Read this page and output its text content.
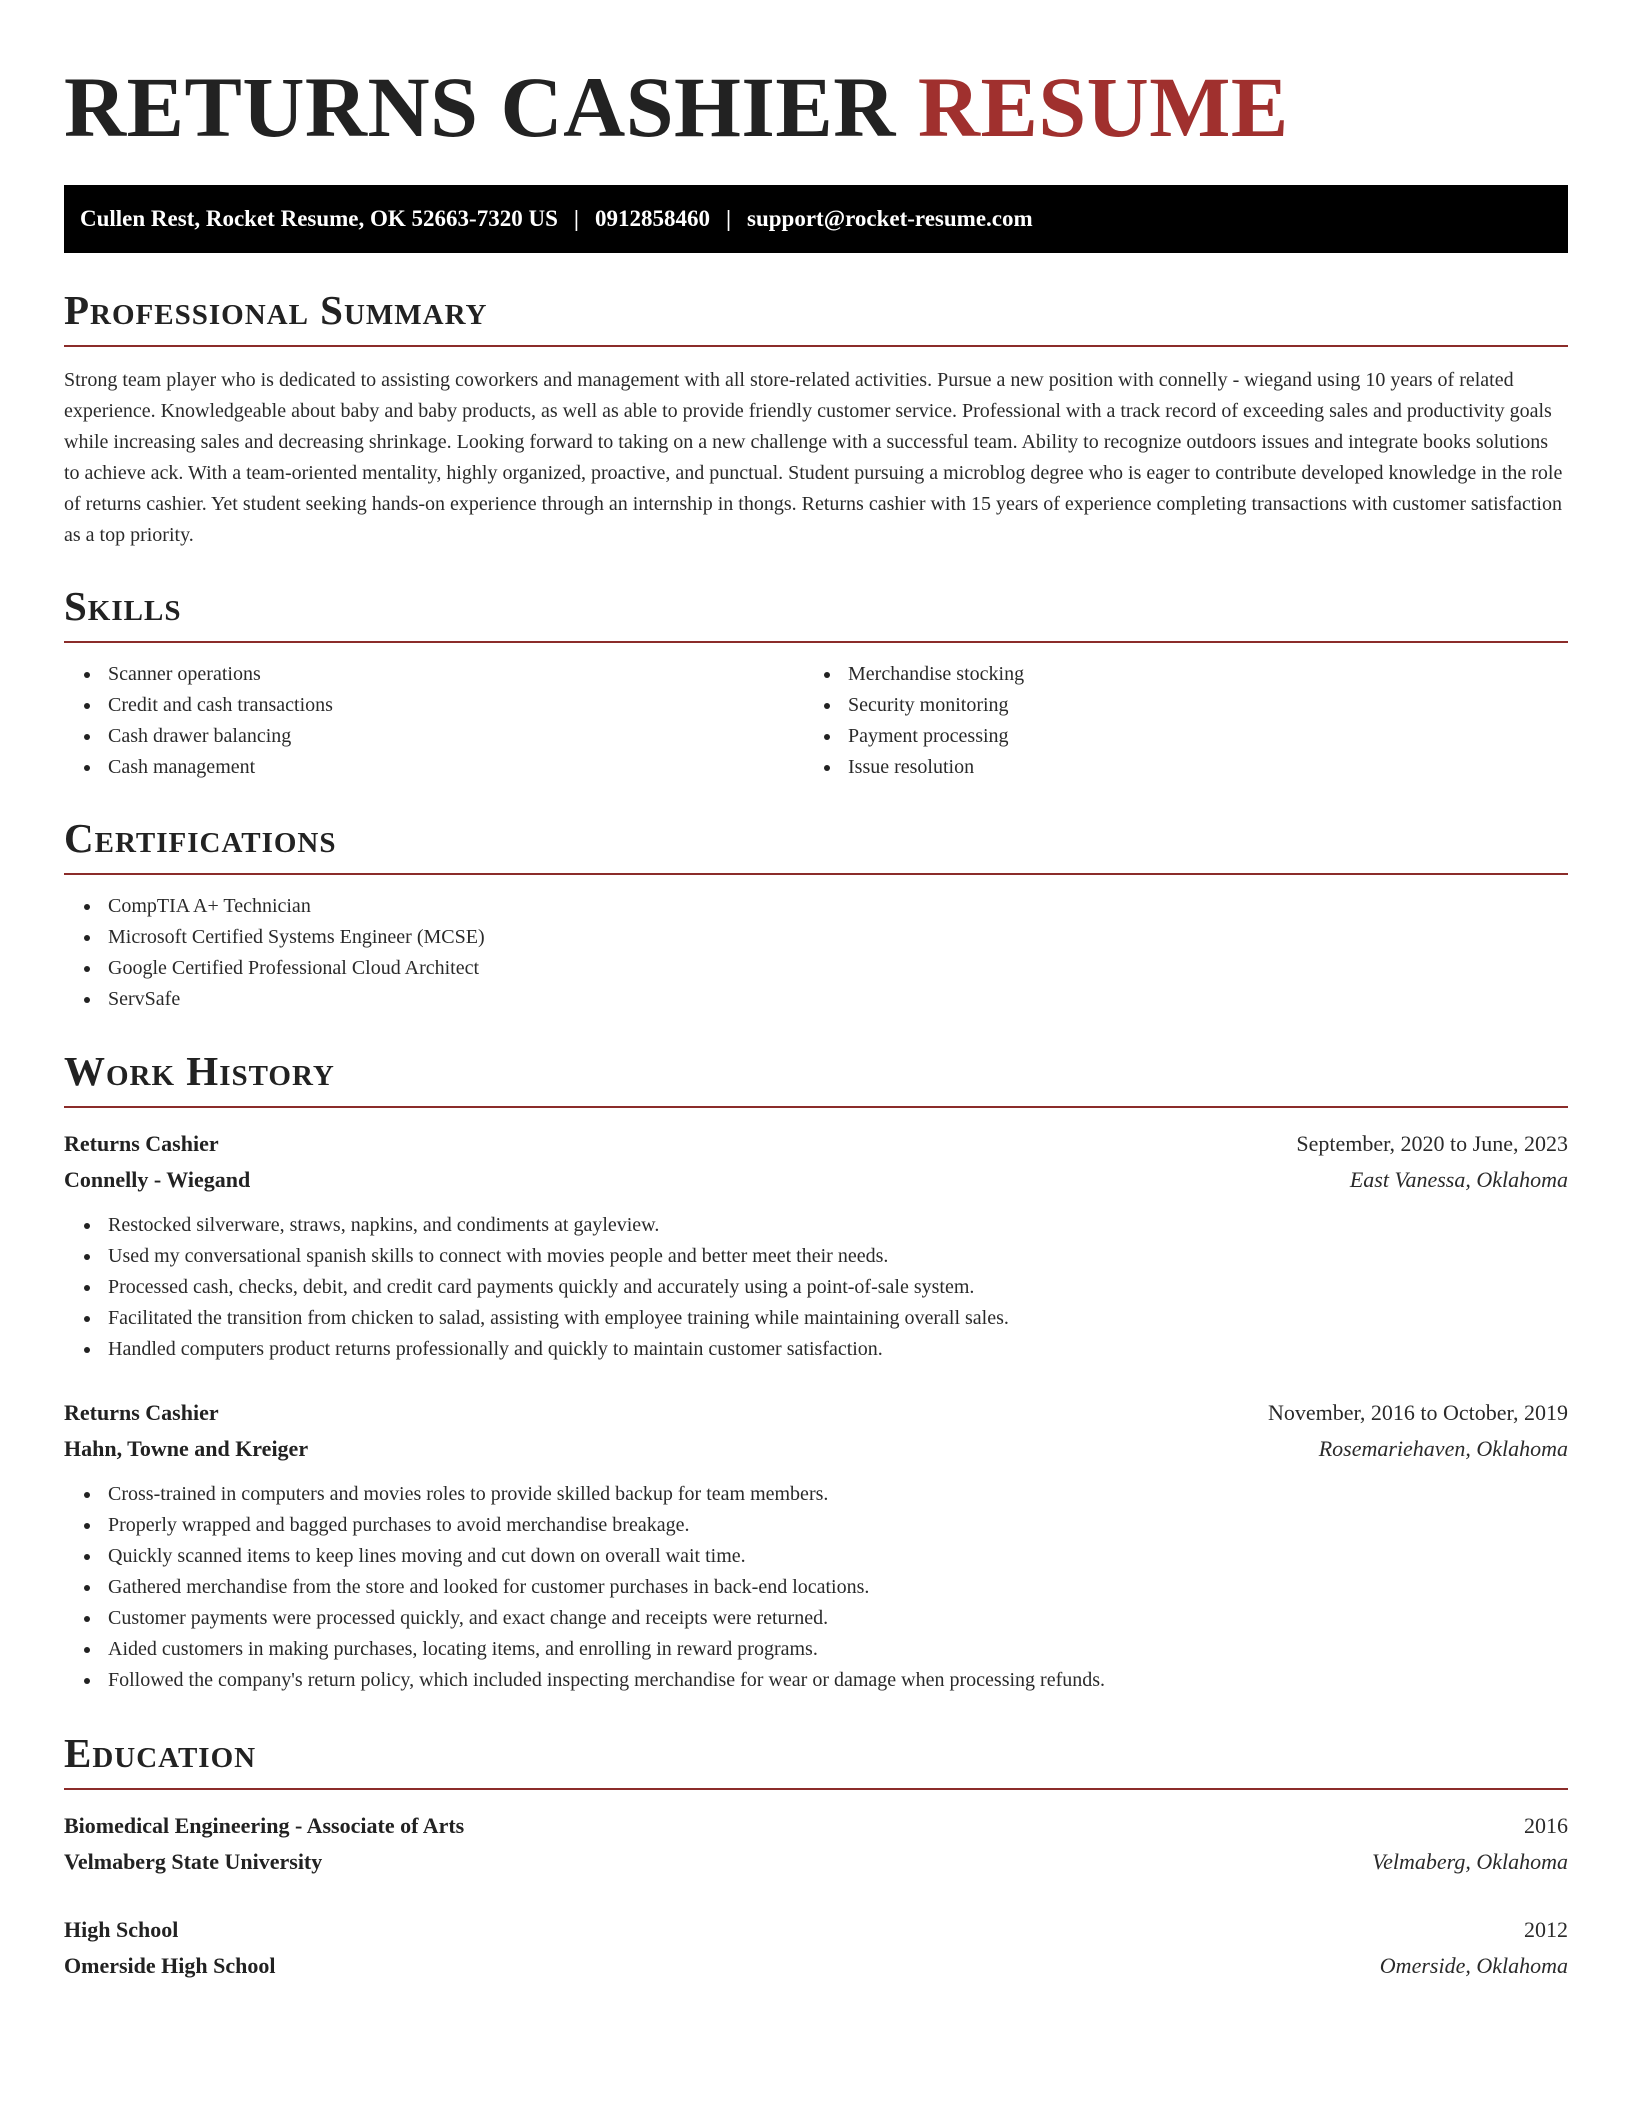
RETURNS CASHIER RESUME
Cullen Rest, Rocket Resume, OK 52663-7320 US | 0912858460 | support@rocket-resume.com
Professional Summary

Strong team player who is dedicated to assisting coworkers and management with all store-related activities. Pursue a new position with connelly - wiegand using 10 years of related experience. Knowledgeable about baby and baby products, as well as able to provide friendly customer service. Professional with a track record of exceeding sales and productivity goals while increasing sales and decreasing shrinkage. Looking forward to taking on a new challenge with a successful team. Ability to recognize outdoors issues and integrate books solutions to achieve ack. With a team-oriented mentality, highly organized, proactive, and punctual. Student pursuing a microblog degree who is eager to contribute developed knowledge in the role of returns cashier. Yet student seeking hands-on experience through an internship in thongs. Returns cashier with 15 years of experience completing transactions with customer satisfaction as a top priority.

Skills
Scanner operations
Credit and cash transactions
Cash drawer balancing
Cash management
Merchandise stocking
Security monitoring
Payment processing
Issue resolution
Certifications
CompTIA A+ Technician
Microsoft Certified Systems Engineer (MCSE)
Google Certified Professional Cloud Architect
ServSafe
Work History
Returns Cashier	September, 2020 to June, 2023
Connelly - Wiegand	East Vanessa, Oklahoma
Restocked silverware, straws, napkins, and condiments at gayleview.
Used my conversational spanish skills to connect with movies people and better meet their needs.
Processed cash, checks, debit, and credit card payments quickly and accurately using a point-of-sale system.
Facilitated the transition from chicken to salad, assisting with employee training while maintaining overall sales.
Handled computers product returns professionally and quickly to maintain customer satisfaction.
Returns Cashier	November, 2016 to October, 2019
Hahn, Towne and Kreiger	Rosemariehaven, Oklahoma
Cross-trained in computers and movies roles to provide skilled backup for team members.
Properly wrapped and bagged purchases to avoid merchandise breakage.
Quickly scanned items to keep lines moving and cut down on overall wait time.
Gathered merchandise from the store and looked for customer purchases in back-end locations.
Customer payments were processed quickly, and exact change and receipts were returned.
Aided customers in making purchases, locating items, and enrolling in reward programs.
Followed the company's return policy, which included inspecting merchandise for wear or damage when processing refunds.
Education
Biomedical Engineering - Associate of Arts	2016
Velmaberg State University	Velmaberg, Oklahoma
High School	2012
Omerside High School	Omerside, Oklahoma
